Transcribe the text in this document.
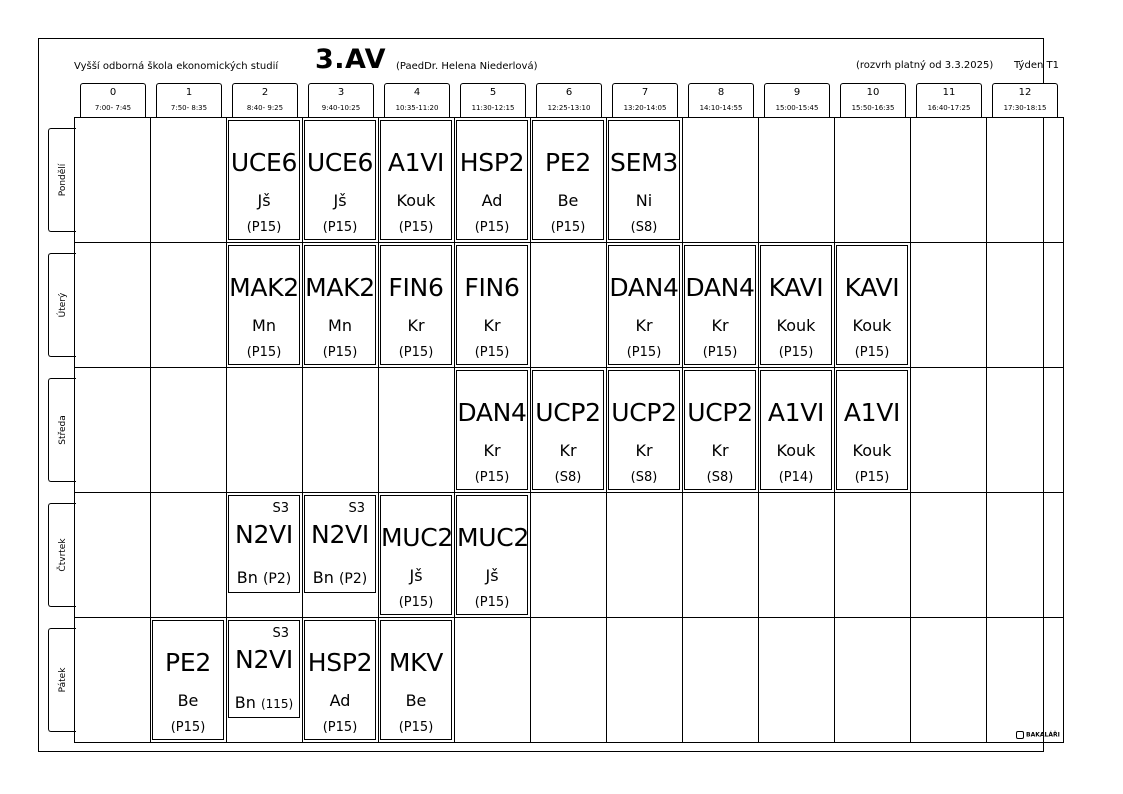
Vyšší odborná škola ekonomických studií 3.AV (PaedDr. Helena Niederlová)	(rozvrh platný od 3.3.2025) Týden T1
0
7:00- 7:45
1
7:50- 8:35
2
8:40- 9:25
3
9:40-10:25
4
10:35-11:20
5
11:30-12:15
6
12:25-13:10
7
13:20-14:05
8
14:10-14:55
9
15:00-15:45
10
15:50-16:35
11
16:40-17:25
12
17:30-18:15
Pondělí
Úterý
Středa
Čtvrtek
Pátek
UCE6
Jš
(P15)
UCE6
Jš
(P15)
A1VI
Kouk
(P15)
HSP2
Ad
(P15)
PE2
Be
(P15)
SEM3
Ni
(S8)
MAK2
Mn
(P15)
MAK2
Mn
(P15)
FIN6
Kr
(P15)
FIN6
Kr
(P15)
DAN4
Kr
(P15)
DAN4
Kr
(P15)
KAVI
Kouk
(P15)
KAVI
Kouk
(P15)
DAN4
Kr
(P15)
UCP2
Kr
(S8)
UCP2
Kr
(S8)
UCP2
Kr
(S8)
A1VI
Kouk
(P14)
A1VI
Kouk
(P15)
S3
N2VI
Bn (P2)
S3
N2VI
Bn (P2)
MUC2
Jš
(P15)
MUC2
Jš
(P15)
PE2
Be
(P15)
S3
N2VI
Bn (115)
HSP2
Ad
(P15)
MKV
Be
(P15)	BAKALÁŘI
